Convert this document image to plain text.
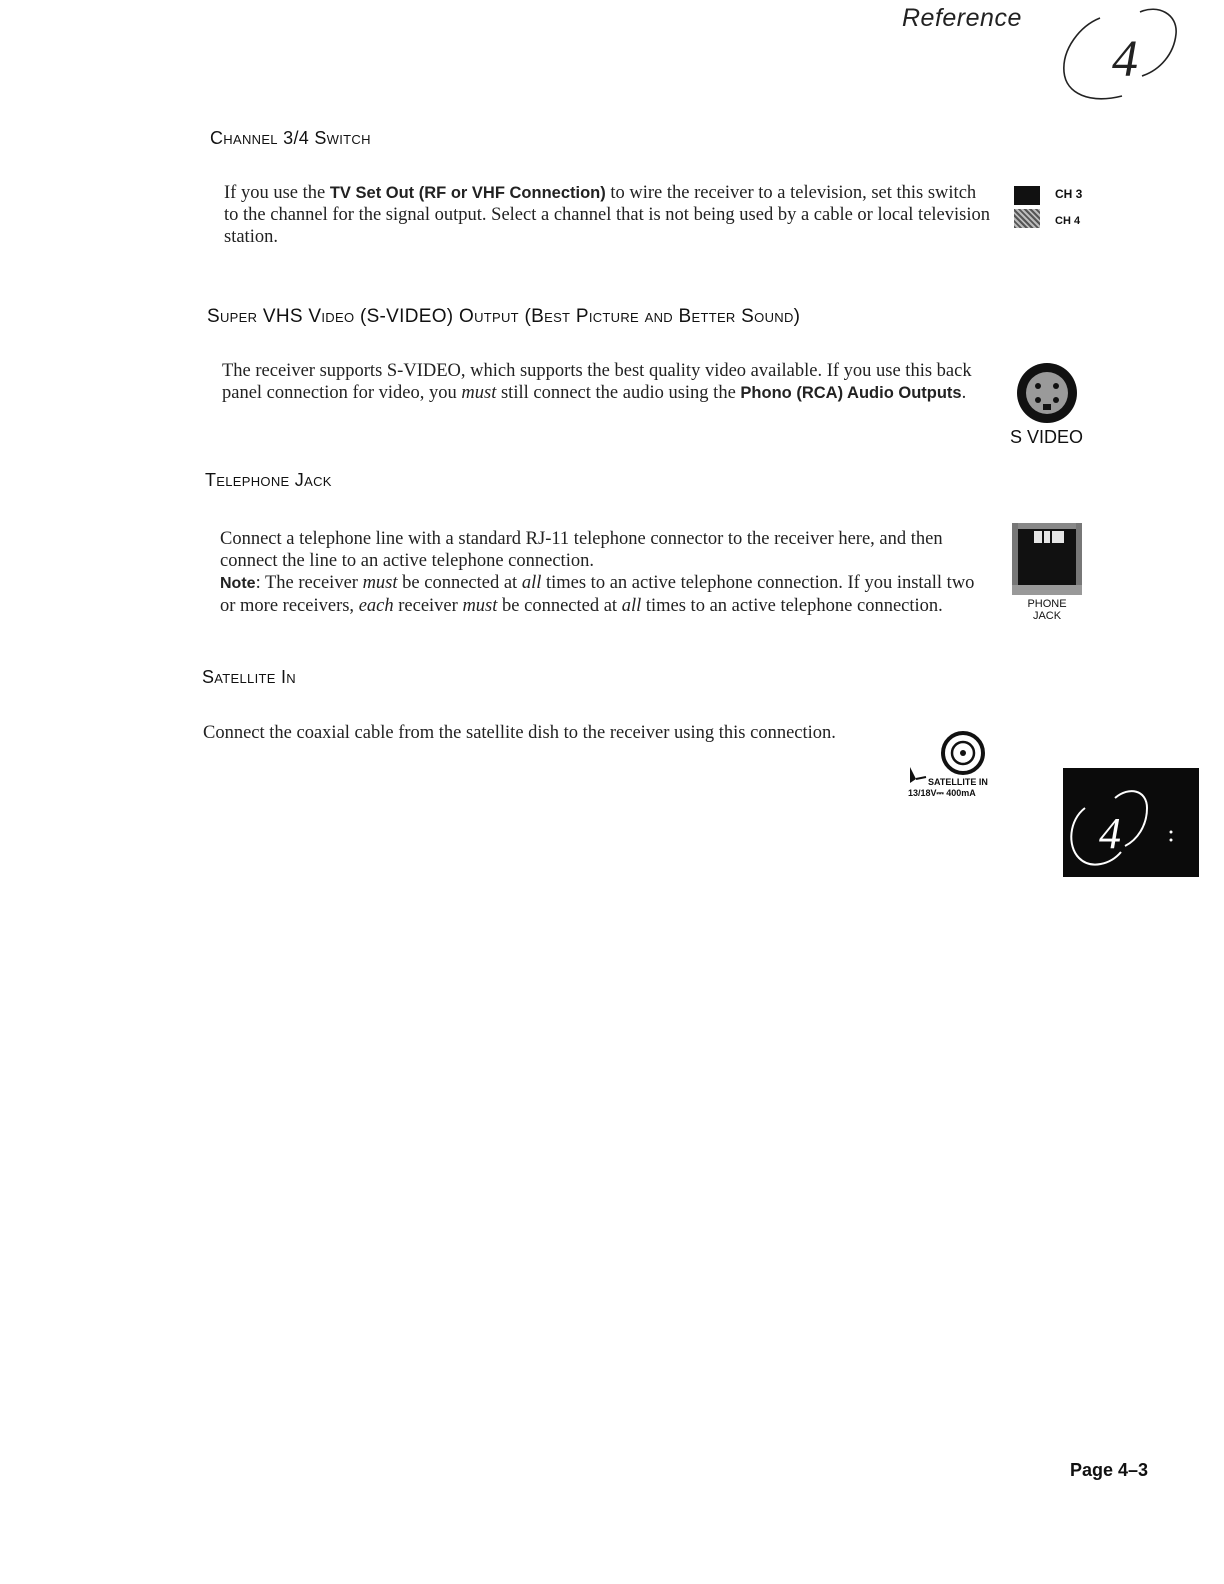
Reference
4
Channel 3/4 Switch

If you use the TV Set Out (RF or VHF Connection) to wire the receiver to a television, set this switch to the channel for the signal output. Select a channel that is not being used by a cable or local television station.

CH 3
CH 4
Super VHS Video (S-VIDEO) Output (Best Picture and Better Sound)

The receiver supports S-VIDEO, which supports the best quality video available. If you use this back panel connection for video, you must still connect the audio using the Phono (RCA) Audio Outputs.

S VIDEO
Telephone Jack

Connect a telephone line with a standard RJ-11 telephone connector to the receiver here, and then connect the line to an active telephone connection.
Note: The receiver must be connected at all times to an active telephone connection. If you install two or more receivers, each receiver must be connected at all times to an active telephone connection.	PHONE
JACK
Satellite In

Connect the coaxial cable from the satellite dish to the receiver using this connection.

SATELLITE IN
13/18V⎓ 400mA
4
Page 4–3
